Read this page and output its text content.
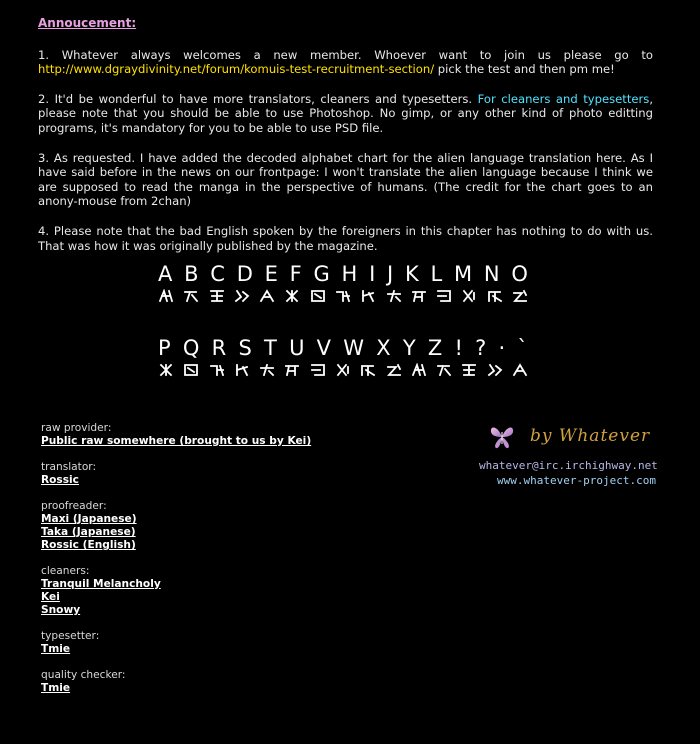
Annoucement:

1. Whatever always welcomes a new member. Whoever want to join us please go to http://www.dgraydivinity.net/forum/komuis-test-recruitment-section/ pick the test and then pm me!

2. It'd be wonderful to have more translators, cleaners and typesetters. For cleaners and typesetters, please note that you should be able to use Photoshop. No gimp, or any other kind of photo editting programs, it's mandatory for you to be able to use PSD file.

3. As requested. I have added the decoded alphabet chart for the alien language translation here. As I have said before in the news on our frontpage: I won't translate the alien language because I think we are supposed to read the manga in the perspective of humans. (The credit for the chart goes to an anony-mouse from 2chan)

4. Please note that the bad English spoken by the foreigners in this chapter has nothing to do with us. That was how it was originally published by the magazine.

A B C D E F G H I J K L M N O
P Q R S T U V W X Y Z ! ? · `
raw provider:
Public raw somewhere (brought to us by Kei)
translator:
Rossic
proofreader:
Maxi (Japanese)
Taka (Japanese)
Rossic (English)
cleaners:
Tranquil Melancholy
Kei
Snowy
typesetter:
Tmie
quality checker:
Tmie
by Whatever
whatever@irc.irchighway.net
www.whatever-project.com
